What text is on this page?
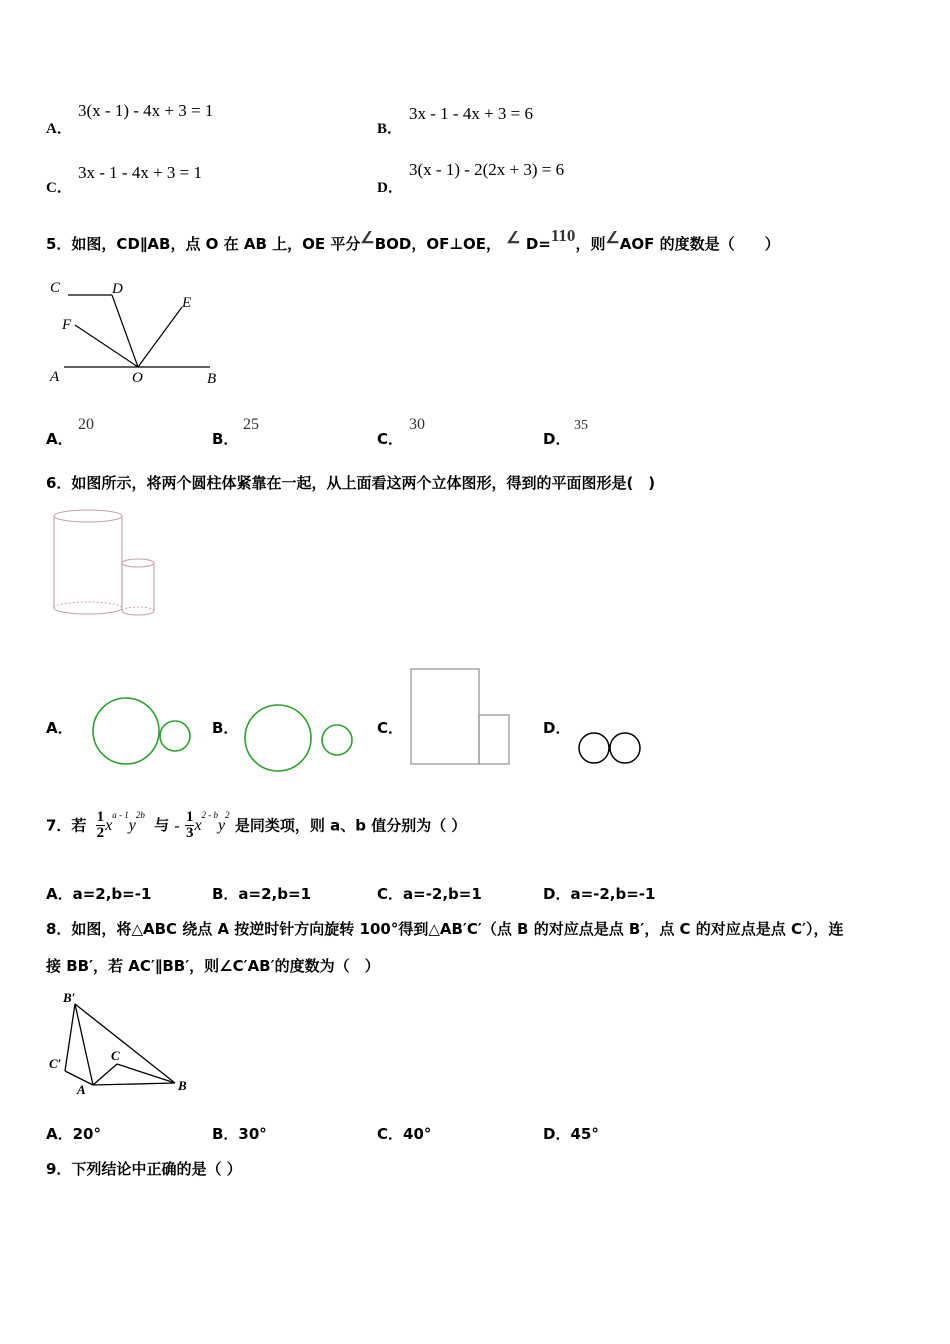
A．
3(x - 1) - 4x + 3 = 1
B．
3x - 1 - 4x + 3 = 6
C．
3x - 1 - 4x + 3 = 1
D．
3(x - 1) - 2(2x + 3) = 6
5．如图，CD∥AB，点 O 在 AB 上，OE 平分∠BOD，OF⊥OE， ∠ D=110，则∠AOF 的度数是（　　）
C	D
E
F
A	O	B
A．
20
B．
25
C．
30
D．
35
6．如图所示，将两个圆柱体紧靠在一起，从上面看这两个立体图形，得到的平面图形是(　)
A．	B．	C．	D．
7．若 $\frac{1}{2} x^{a - 1}y^{2b}$ 与 - $\frac{1}{3} x^{2 - b}y^2$ 是同类项，则 a、b 值分别为（ ）
A．a=2,b=-1	B．a=2,b=1	C．a=-2,b=1	D．a=-2,b=-1
8．如图，将△ABC 绕点 A 按逆时针方向旋转 100°得到△AB′C′（点 B 的对应点是点 B′，点 C 的对应点是点 C′），连
接 BB′，若 AC′∥BB′，则∠C′AB′的度数为（　）
B′
C′
C
A	B
A．20°	B．30°	C．40°	D．45°
9．下列结论中正确的是（ ）
